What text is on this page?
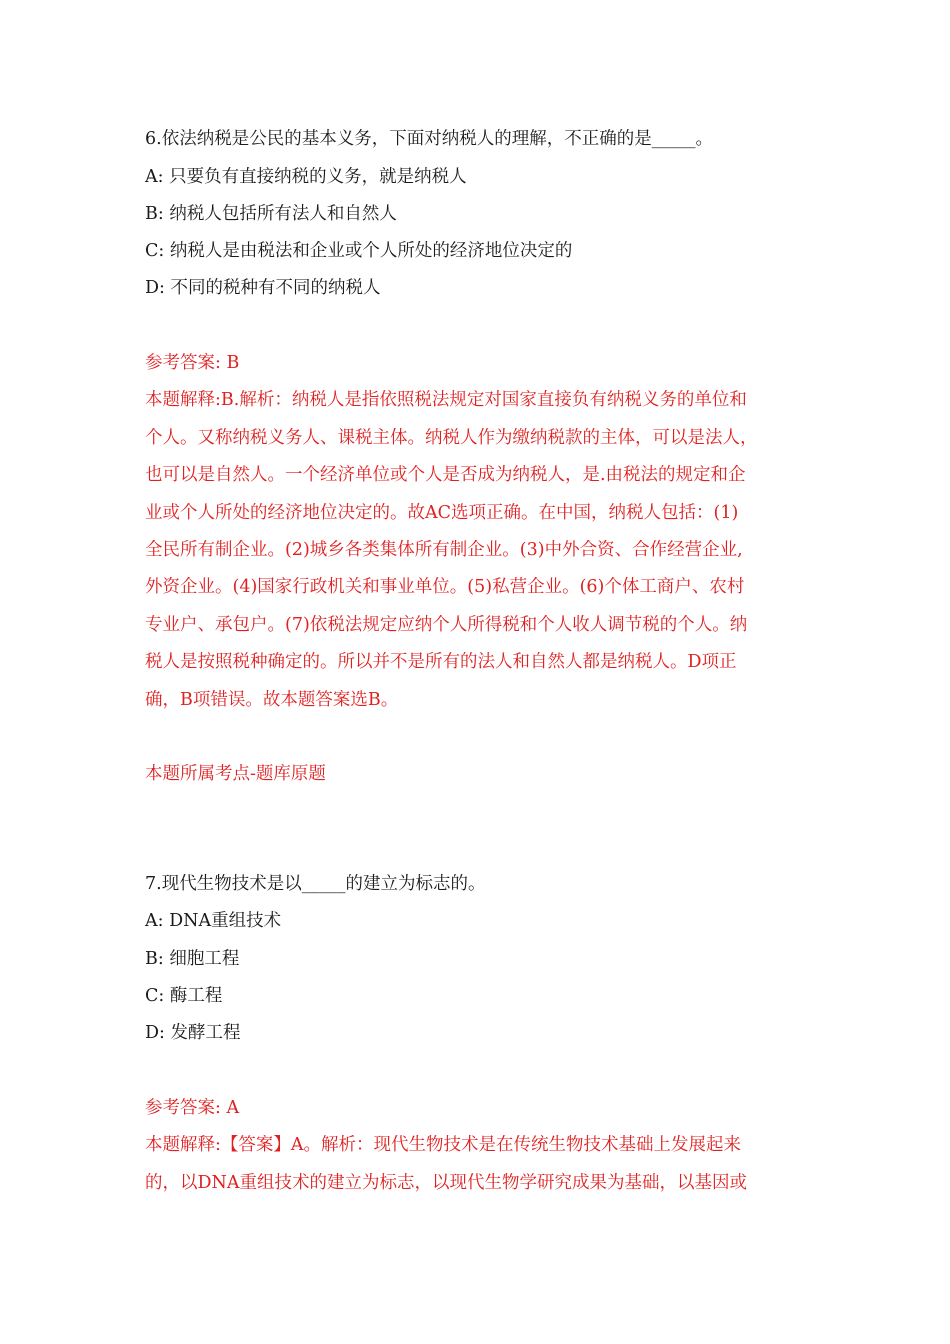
6.依法纳税是公民的基本义务，下面对纳税人的理解，不正确的是_____。
A: 只要负有直接纳税的义务，就是纳税人
B: 纳税人包括所有法人和自然人
C: 纳税人是由税法和企业或个人所处的经济地位决定的
D: 不同的税种有不同的纳税人
参考答案: B
本题解释:B.解析：纳税人是指依照税法规定对国家直接负有纳税义务的单位和
个人。又称纳税义务人、课税主体。纳税人作为缴纳税款的主体，可以是法人，
也可以是自然人。一个经济单位或个人是否成为纳税人，是.由税法的规定和企
业或个人所处的经济地位决定的。故AC选项正确。在中国，纳税人包括：(1)
全民所有制企业。(2)城乡各类集体所有制企业。(3)中外合资、合作经营企业,
外资企业。(4)国家行政机关和事业单位。(5)私营企业。(6)个体工商户、农村
专业户、承包户。(7)依税法规定应纳个人所得税和个人收人调节税的个人。纳
税人是按照税种确定的。所以并不是所有的法人和自然人都是纳税人。D项正
确，B项错误。故本题答案选B。
本题所属考点-题库原题
7.现代生物技术是以_____的建立为标志的。
A: DNA重组技术
B: 细胞工程
C: 酶工程
D: 发酵工程
参考答案: A
本题解释:【答案】A。解析：现代生物技术是在传统生物技术基础上发展起来
的，以DNA重组技术的建立为标志，以现代生物学研究成果为基础，以基因或
